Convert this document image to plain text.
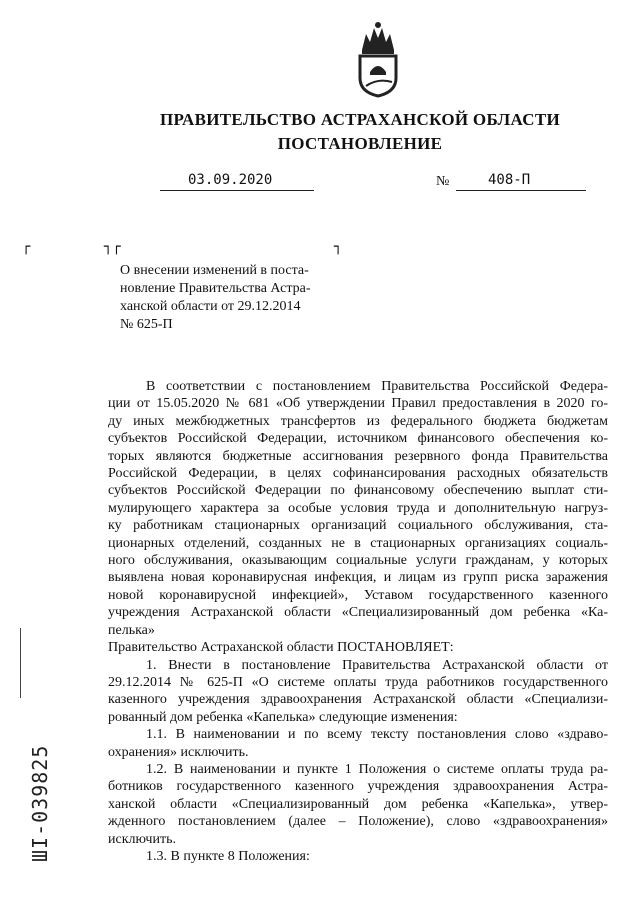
ПРАВИТЕЛЬСТВО АСТРАХАНСКОЙ ОБЛАСТИ
ПОСТАНОВЛЕНИЕ
03.09.2020	№	408-П
┌	┐┌	┐
О внесении изменений в поста-
новление Правительства Астра-
ханской области от 29.12.2014
№ 625-П
В соответствии с постановлением Правительства Российской Федера-
ции от 15.05.2020 № 681 «Об утверждении Правил предоставления в 2020 го-
ду иных межбюджетных трансфертов из федерального бюджета бюджетам
субъектов Российской Федерации, источником финансового обеспечения ко-
торых являются бюджетные ассигнования резервного фонда Правительства
Российской Федерации, в целях софинансирования расходных обязательств
субъектов Российской Федерации по финансовому обеспечению выплат сти-
мулирующего характера за особые условия труда и дополнительную нагруз-
ку работникам стационарных организаций социального обслуживания, ста-
ционарных отделений, созданных не в стационарных организациях социаль-
ного обслуживания, оказывающим социальные услуги гражданам, у которых
выявлена новая коронавирусная инфекция, и лицам из групп риска заражения
новой коронавирусной инфекцией», Уставом государственного казенного
учреждения Астраханской области «Специализированный дом ребенка «Ка-
пелька»
Правительство Астраханской области ПОСТАНОВЛЯЕТ:
1. Внести в постановление Правительства Астраханской области от
29.12.2014 № 625-П «О системе оплаты труда работников государственного
казенного учреждения здравоохранения Астраханской области «Специализи-
рованный дом ребенка «Капелька» следующие изменения:
1.1. В наименовании и по всему тексту постановления слово «здраво-
охранения» исключить.
1.2. В наименовании и пункте 1 Положения о системе оплаты труда ра-
ботников государственного казенного учреждения здравоохранения Астра-
ханской области «Специализированный дом ребенка «Капелька», утвер-
жденного постановлением (далее – Положение), слово «здравоохранения»
исключить.
1.3. В пункте 8 Положения:
ШI-039825
